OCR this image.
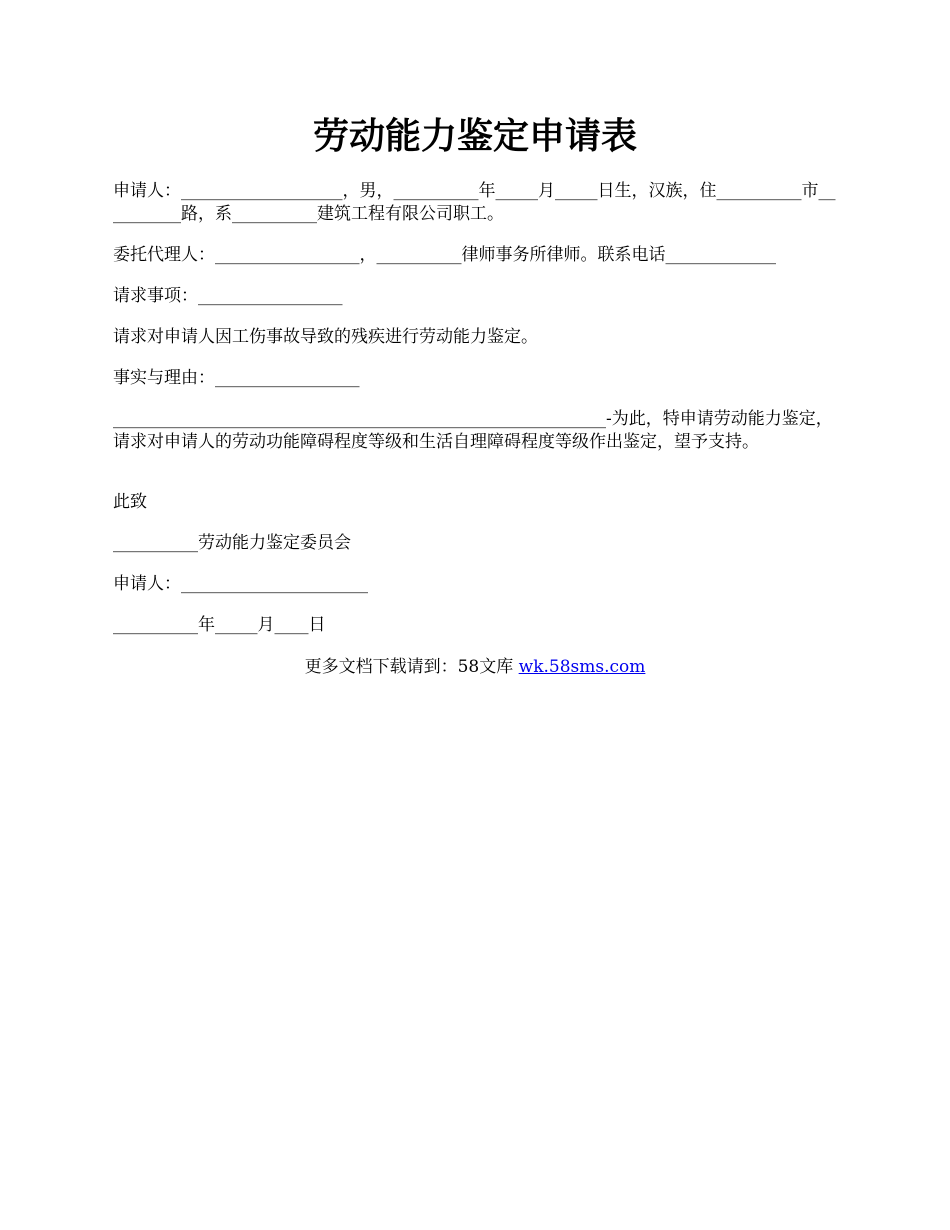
劳动能力鉴定申请表

申请人：___________________，男，__________年_____月_____日生，汉族，住__________市__________路，系__________建筑工程有限公司职工。

委托代理人：_________________，__________律师事务所律师。联系电话_____________

请求事项：_________________

请求对申请人因工伤事故导致的残疾进行劳动能力鉴定。

事实与理由：_________________

__________________________________________________________-为此，特申请劳动能力鉴定，请求对申请人的劳动功能障碍程度等级和生活自理障碍程度等级作出鉴定，望予支持。

此致

__________劳动能力鉴定委员会

申请人：______________________

__________年_____月____日

更多文档下载请到：58文库 wk.58sms.com
